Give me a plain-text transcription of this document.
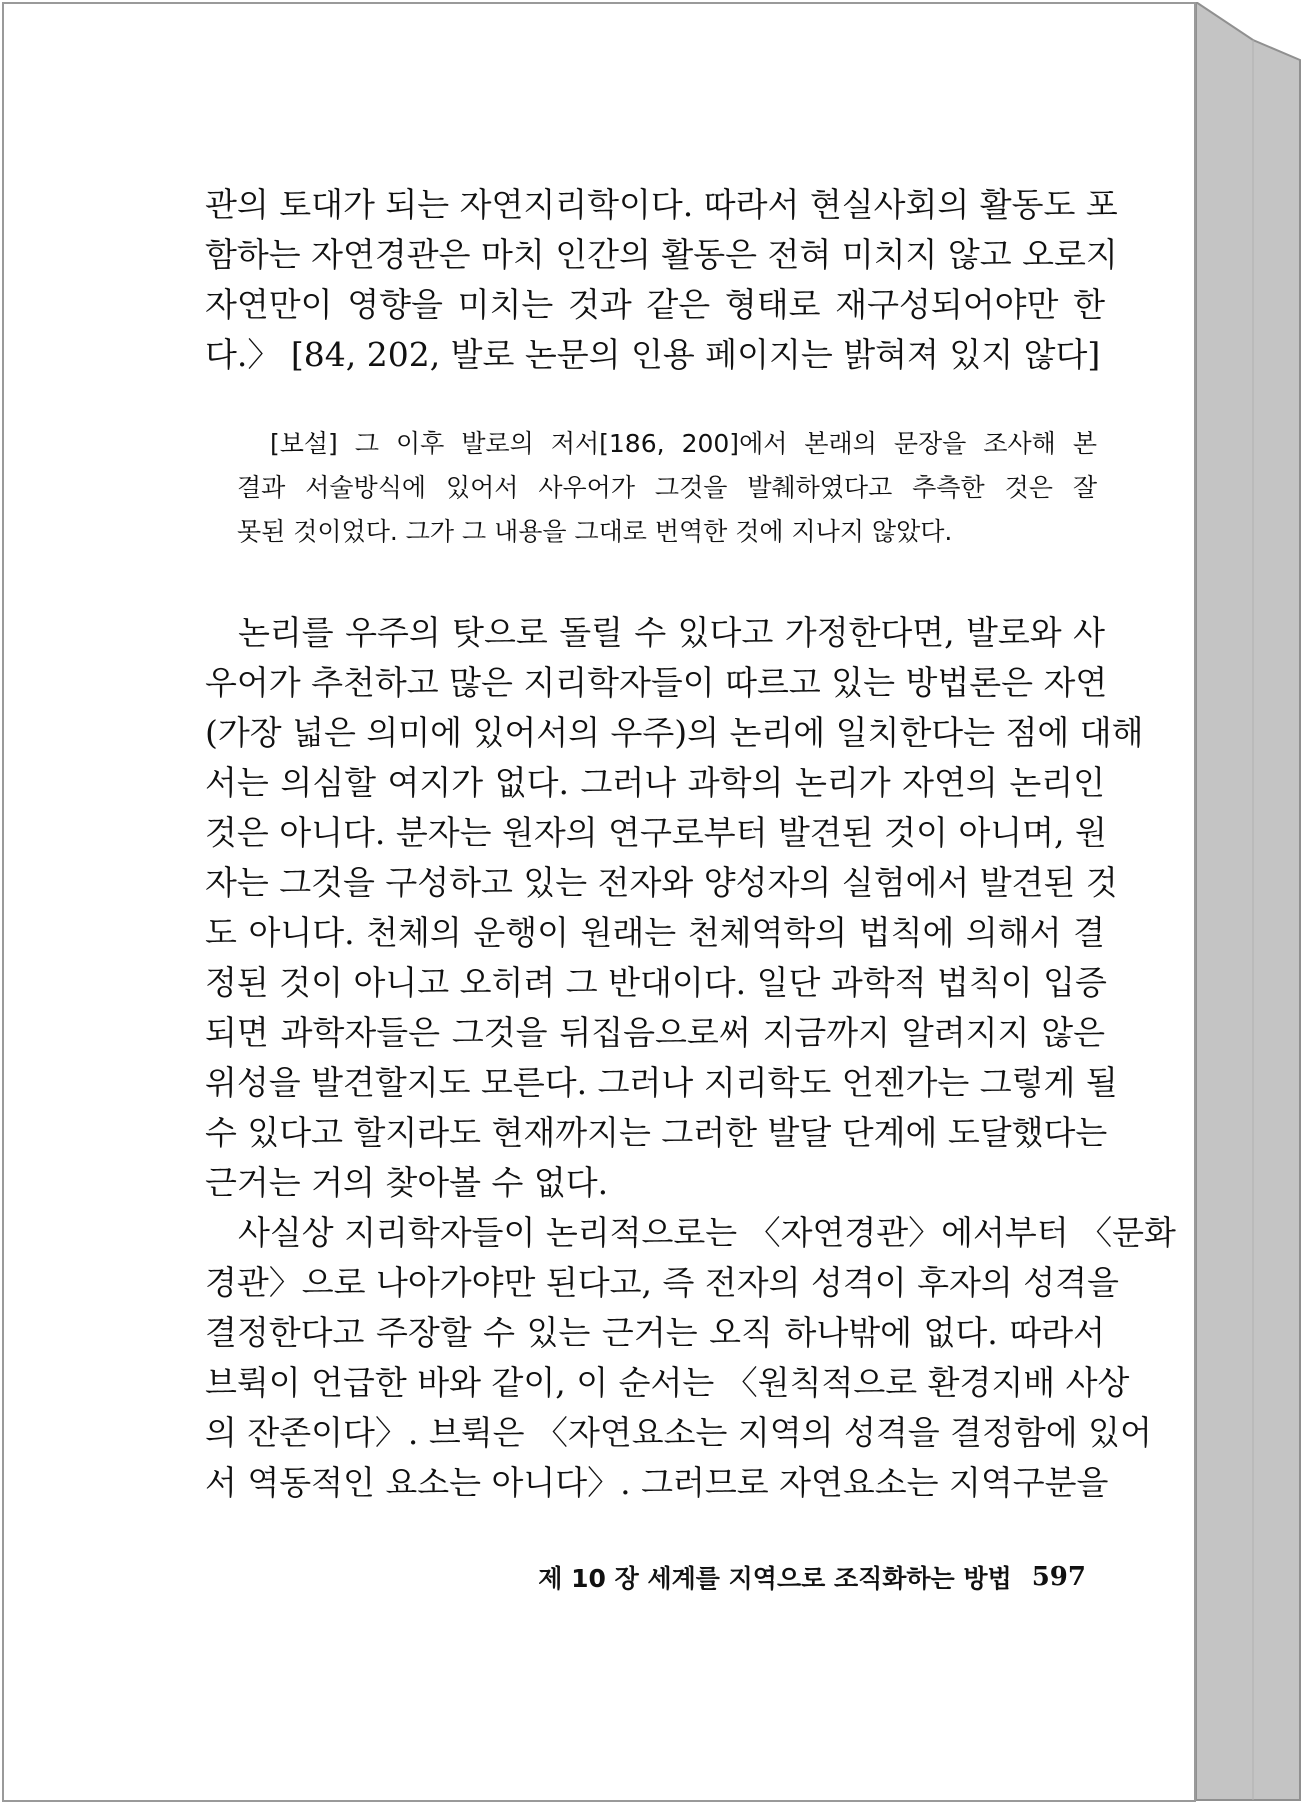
관의 토대가 되는 자연지리학이다. 따라서 현실사회의 활동도 포
함하는 자연경관은 마치 인간의 활동은 전혀 미치지 않고 오로지
자연만이 영향을 미치는 것과 같은 형태로 재구성되어야만 한
다.〉 [84, 202, 발로 논문의 인용 페이지는 밝혀져 있지 않다]
[보설] 그 이후 발로의 저서[186, 200]에서 본래의 문장을 조사해 본
결과 서술방식에 있어서 사우어가 그것을 발췌하였다고 추측한 것은 잘
못된 것이었다. 그가 그 내용을 그대로 번역한 것에 지나지 않았다.
논리를 우주의 탓으로 돌릴 수 있다고 가정한다면, 발로와 사
우어가 추천하고 많은 지리학자들이 따르고 있는 방법론은 자연
(가장 넓은 의미에 있어서의 우주)의 논리에 일치한다는 점에 대해
서는 의심할 여지가 없다. 그러나 과학의 논리가 자연의 논리인
것은 아니다. 분자는 원자의 연구로부터 발견된 것이 아니며, 원
자는 그것을 구성하고 있는 전자와 양성자의 실험에서 발견된 것
도 아니다. 천체의 운행이 원래는 천체역학의 법칙에 의해서 결
정된 것이 아니고 오히려 그 반대이다. 일단 과학적 법칙이 입증
되면 과학자들은 그것을 뒤집음으로써 지금까지 알려지지 않은
위성을 발견할지도 모른다. 그러나 지리학도 언젠가는 그렇게 될
수 있다고 할지라도 현재까지는 그러한 발달 단계에 도달했다는
근거는 거의 찾아볼 수 없다.
사실상 지리학자들이 논리적으로는 〈자연경관〉에서부터 〈문화
경관〉으로 나아가야만 된다고, 즉 전자의 성격이 후자의 성격을
결정한다고 주장할 수 있는 근거는 오직 하나밖에 없다. 따라서
브뤽이 언급한 바와 같이, 이 순서는 〈원칙적으로 환경지배 사상
의 잔존이다〉. 브뤽은 〈자연요소는 지역의 성격을 결정함에 있어
서 역동적인 요소는 아니다〉. 그러므로 자연요소는 지역구분을
제 10 장 세계를 지역으로 조직화하는 방법 597
